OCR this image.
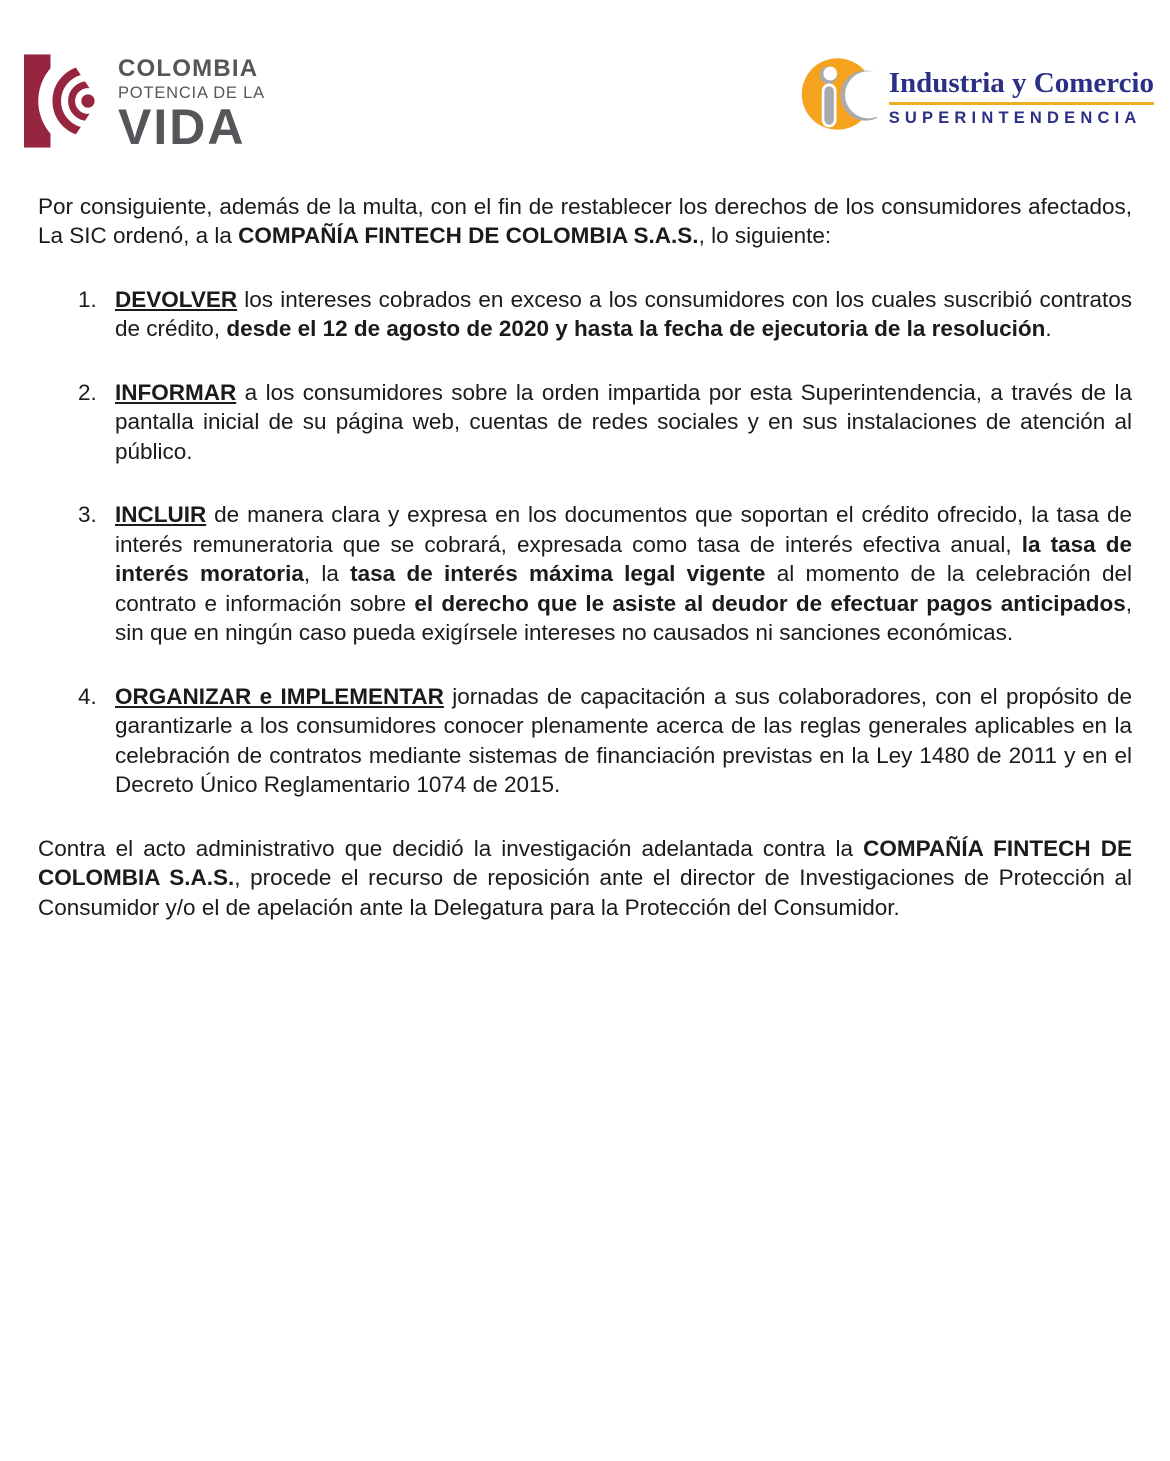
COLOMBIA
POTENCIA DE LA
VIDA
Industria y Comercio
SUPERINTENDENCIA

Por consiguiente, además de la multa, con el fin de restablecer los derechos de los consumidores afectados, La SIC ordenó, a la COMPAÑÍA FINTECH DE COLOMBIA S.A.S., lo siguiente:

1. DEVOLVER los intereses cobrados en exceso a los consumidores con los cuales suscribió contratos de crédito, desde el 12 de agosto de 2020 y hasta la fecha de ejecutoria de la resolución.
2. INFORMAR a los consumidores sobre la orden impartida por esta Superintendencia, a través de la pantalla inicial de su página web, cuentas de redes sociales y en sus instalaciones de atención al público.
3. INCLUIR de manera clara y expresa en los documentos que soportan el crédito ofrecido, la tasa de interés remuneratoria que se cobrará, expresada como tasa de interés efectiva anual, la tasa de interés moratoria, la tasa de interés máxima legal vigente al momento de la celebración del contrato e información sobre el derecho que le asiste al deudor de efectuar pagos anticipados, sin que en ningún caso pueda exigírsele intereses no causados ni sanciones económicas.
4. ORGANIZAR e IMPLEMENTAR jornadas de capacitación a sus colaboradores, con el propósito de garantizarle a los consumidores conocer plenamente acerca de las reglas generales aplicables en la celebración de contratos mediante sistemas de financiación previstas en la Ley 1480 de 2011 y en el Decreto Único Reglamentario 1074 de 2015.

Contra el acto administrativo que decidió la investigación adelantada contra la COMPAÑÍA FINTECH DE COLOMBIA S.A.S., procede el recurso de reposición ante el director de Investigaciones de Protección al Consumidor y/o el de apelación ante la Delegatura para la Protección del Consumidor.
